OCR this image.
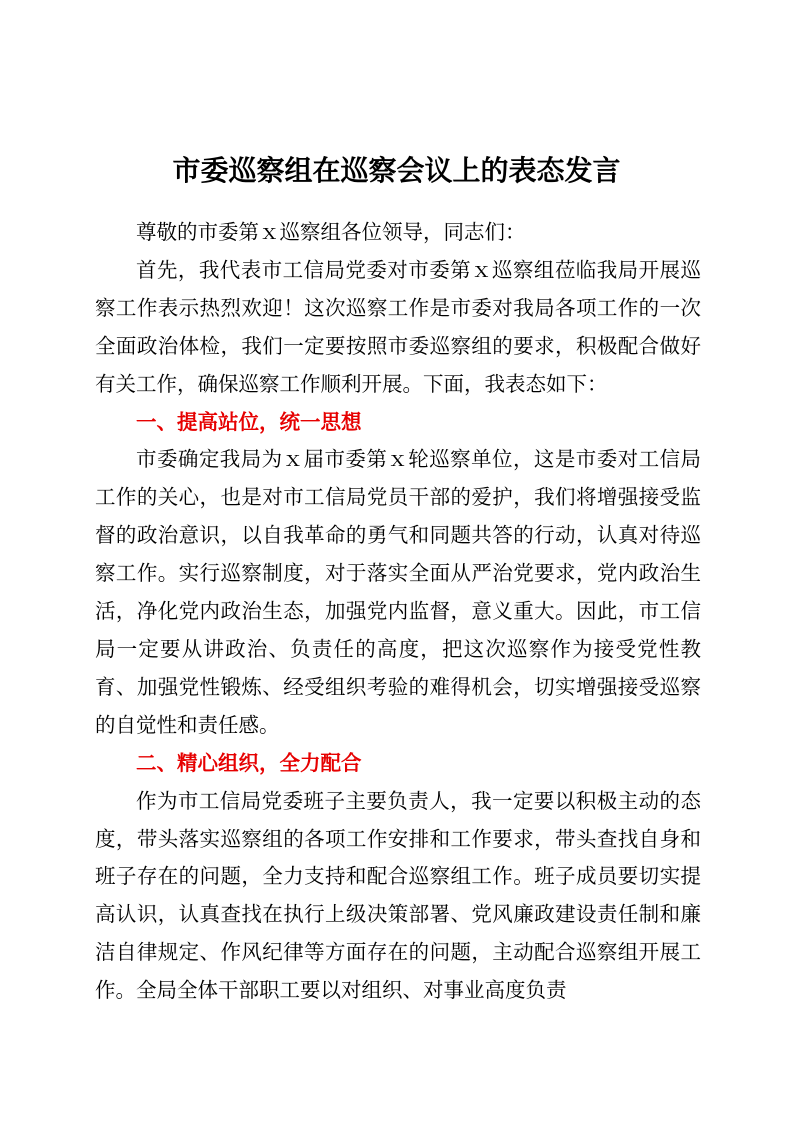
市委巡察组在巡察会议上的表态发言

尊敬的市委第ｘ巡察组各位领导，同志们：

首先，我代表市工信局党委对市委第ｘ巡察组莅临我局开展巡察工作表示热烈欢迎！这次巡察工作是市委对我局各项工作的一次全面政治体检，我们一定要按照市委巡察组的要求，积极配合做好有关工作，确保巡察工作顺利开展。下面，我表态如下：

一、提高站位，统一思想

市委确定我局为ｘ届市委第ｘ轮巡察单位，这是市委对工信局工作的关心，也是对市工信局党员干部的爱护，我们将增强接受监督的政治意识，以自我革命的勇气和同题共答的行动，认真对待巡察工作。实行巡察制度，对于落实全面从严治党要求，党内政治生活，净化党内政治生态，加强党内监督，意义重大。因此，市工信局一定要从讲政治、负责任的高度，把这次巡察作为接受党性教育、加强党性锻炼、经受组织考验的难得机会，切实增强接受巡察的自觉性和责任感。

二、精心组织，全力配合

作为市工信局党委班子主要负责人，我一定要以积极主动的态度，带头落实巡察组的各项工作安排和工作要求，带头查找自身和班子存在的问题，全力支持和配合巡察组工作。班子成员要切实提高认识，认真查找在执行上级决策部署、党风廉政建设责任制和廉洁自律规定、作风纪律等方面存在的问题，主动配合巡察组开展工作。全局全体干部职工要以对组织、对事业高度负责
